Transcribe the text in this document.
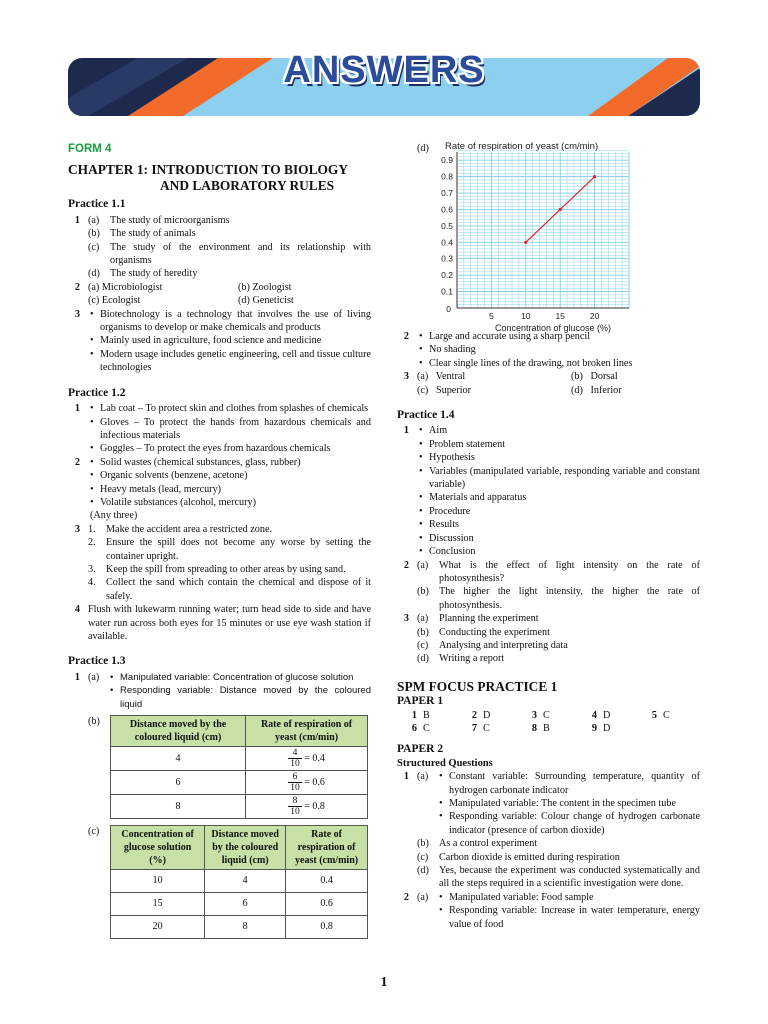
ANSWERS
FORM 4
CHAPTER 1: INTRODUCTION TO BIOLOGY
AND LABORATORY RULES
Practice 1.1
1 (a)	The study of microorganisms
(b) The study of animals
(c)	The study of the environment and its relationship with organisms
(d) The study of heredity
2 (a) Microbiologist	(b) Zoologist
(c) Ecologist	(d) Geneticist
3	• Biotechnology is a technology that involves the use of living organisms to develop or make chemicals and products
• Mainly used in agriculture, food science and medicine
• Modern usage includes genetic engineering, cell and tissue culture technologies
Practice 1.2
1	• Lab coat – To protect skin and clothes from splashes of chemicals
• Gloves – To protect the hands from hazardous chemicals and infectious materials
• Goggles – To protect the eyes from hazardous chemicals
2	• Solid wastes (chemical substances, glass, rubber)
• Organic solvents (benzene, acetone)
• Heavy metals (lead, mercury)
• Volatile substances (alcohol, mercury)
(Any three)
3 1.	Make the accident area a restricted zone.
2.	Ensure the spill does not become any worse by setting the container upright.
3.	Keep the spill from spreading to other areas by using sand.
4.	Collect the sand which contain the chemical and dispose of it safely.
4 Flush with lukewarm running water; turn head side to side and have water run across both eyes for 15 minutes or use eye wash station if available.
Practice 1.3
1 (a)	• Manipulated variable: Concentration of glucose solution
• Responding variable: Distance moved by the coloured liquid
(b)	Distance moved by the coloured liquid (cm)	Rate of respiration of yeast (cm/min)
4	$\frac{4}{10} = 0.4$
6	$\frac{6}{10} = 0.6$
8	$\frac{8}{10} = 0.8$
(c) Concentration of glucose solution (%)	Distance moved by the coloured liquid (cm)	Rate of respiration of yeast (cm/min)
10	4	0.4
15	6	0.6
20	8	0.8
(d) Rate of respiration of yeast (cm/min)
0.1
0.2
0.3
0.4
0.5
0.6
0.7
0.8
0.9
0
5	10	15	20
Concentration of glucose (%)
2	• Large and accurate using a sharp pencil
• No shading
• Clear single lines of the drawing, not broken lines
3 (a) Ventral	(b) Dorsal
(c) Superior	(d) Inferior
Practice 1.4
1	• Aim
• Problem statement
• Hypothesis
• Variables (manipulated variable, responding variable and constant variable)
• Materials and apparatus
• Procedure
• Results
• Discussion
• Conclusion
2 (a)	What is the effect of light intensity on the rate of photosynthesis?
(b) The higher the light intensity, the higher the rate of photosynthesis.
3 (a)	Planning the experiment
(b) Conducting the experiment
(c)	Analysing and interpreting data
(d) Writing a report
SPM FOCUS PRACTICE 1
PAPER 1
1 B	2 D	3 C	4 D	5 C
6 C	7 C	8 B	9 D
PAPER 2
Structured Questions
1 (a)	• Constant variable: Surrounding temperature, quantity of hydrogen carbonate indicator
• Manipulated variable: The content in the specimen tube
• Responding variable: Colour change of hydrogen carbonate indicator (presence of carbon dioxide)
(b) As a control experiment
(c)	Carbon dioxide is emitted during respiration
(d) Yes, because the experiment was conducted systematically and all the steps required in a scientific investigation were done.
2 (a)	• Manipulated variable: Food sample
• Responding variable: Increase in water temperature, energy value of food
1
